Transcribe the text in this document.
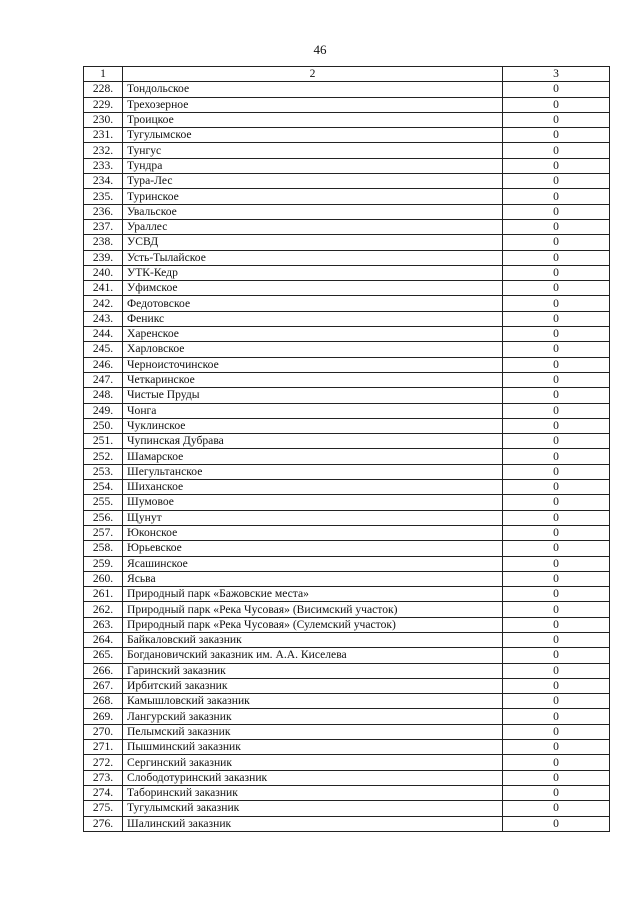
46
1	2	3
228.	Тондольское	0
229.	Трехозерное	0
230.	Троицкое	0
231.	Тугулымское	0
232.	Тунгус	0
233.	Тундра	0
234.	Тура-Лес	0
235.	Туринское	0
236.	Увальское	0
237.	Ураллес	0
238.	УСВД	0
239.	Усть-Тылайское	0
240.	УТК-Кедр	0
241.	Уфимское	0
242.	Федотовское	0
243.	Феникс	0
244.	Харенское	0
245.	Харловское	0
246.	Черноисточинское	0
247.	Четкаринское	0
248.	Чистые Пруды	0
249.	Чонга	0
250.	Чуклинское	0
251.	Чупинская Дубрава	0
252.	Шамарское	0
253.	Шегультанское	0
254.	Шиханское	0
255.	Шумовое	0
256.	Щунут	0
257.	Юконское	0
258.	Юрьевское	0
259.	Ясашинское	0
260.	Ясьва	0
261.	Природный парк «Бажовские места»	0
262.	Природный парк «Река Чусовая» (Висимский участок)	0
263.	Природный парк «Река Чусовая» (Сулемский участок)	0
264.	Байкаловский заказник	0
265.	Богдановичский заказник им. А.А. Киселева	0
266.	Гаринский заказник	0
267.	Ирбитский заказник	0
268.	Камышловский заказник	0
269.	Лангурский заказник	0
270.	Пелымский заказник	0
271.	Пышминский заказник	0
272.	Сергинский заказник	0
273.	Слободотуринский заказник	0
274.	Таборинский заказник	0
275.	Тугулымский заказник	0
276.	Шалинский заказник	0
